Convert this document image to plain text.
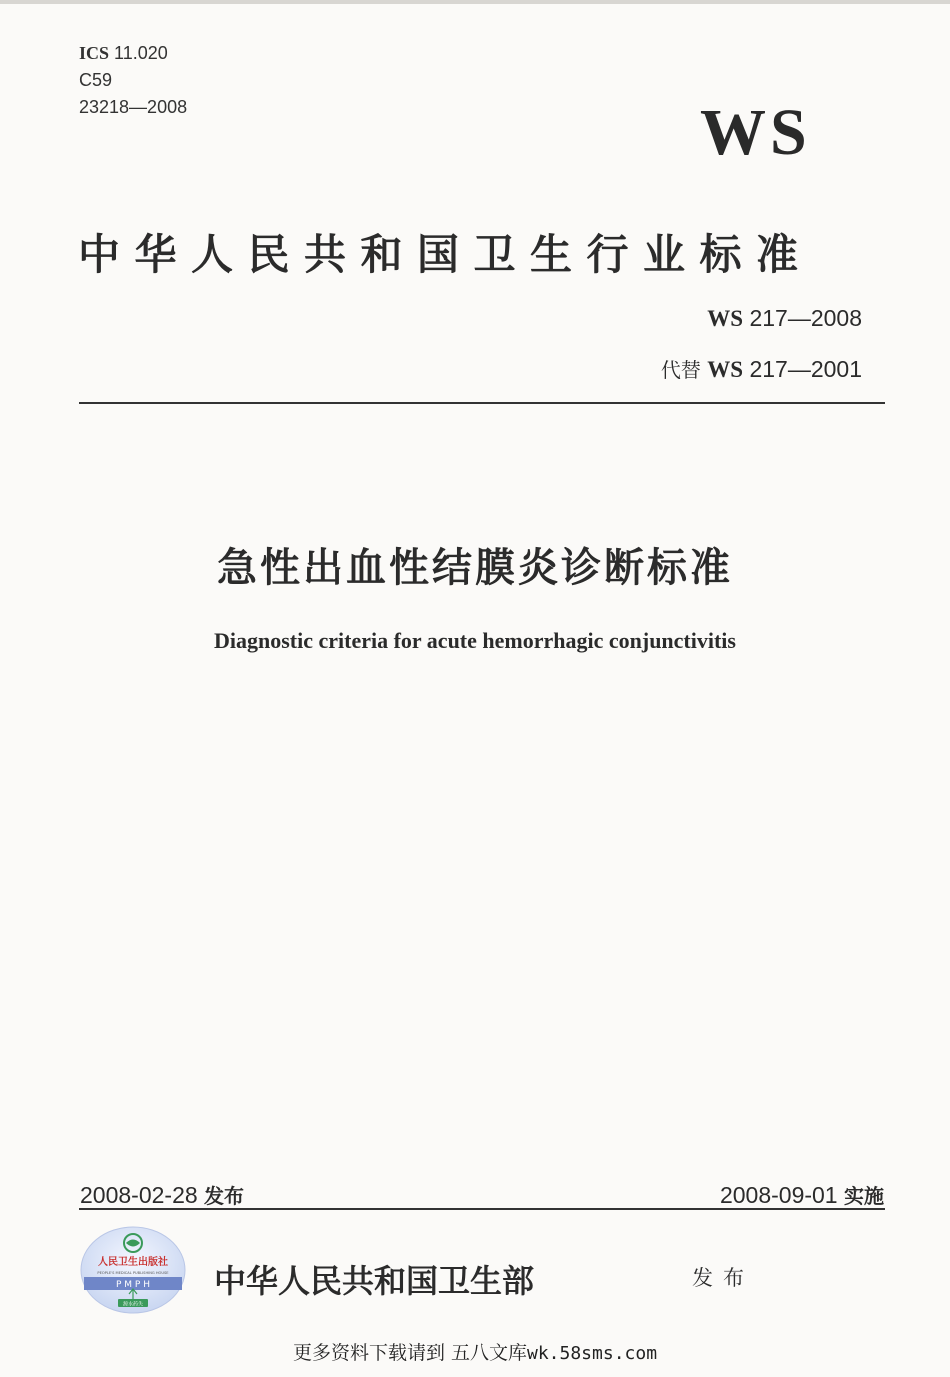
ICS 11.020
C59
23218—2008	WS
中华人民共和国卫生行业标准
WS 217—2008
代替 WS 217—2001
急性出血性结膜炎诊断标准
Diagnostic criteria for acute hemorrhagic conjunctivitis
2008-02-28 发布	2008-09-01 实施
人民卫生出版社
PEOPLE'S MEDICAL PUBLISHING HOUSE
P M P H
源水药失
中华人民共和国卫生部	发布
更多资料下载请到 五八文库wk.58sms.com
